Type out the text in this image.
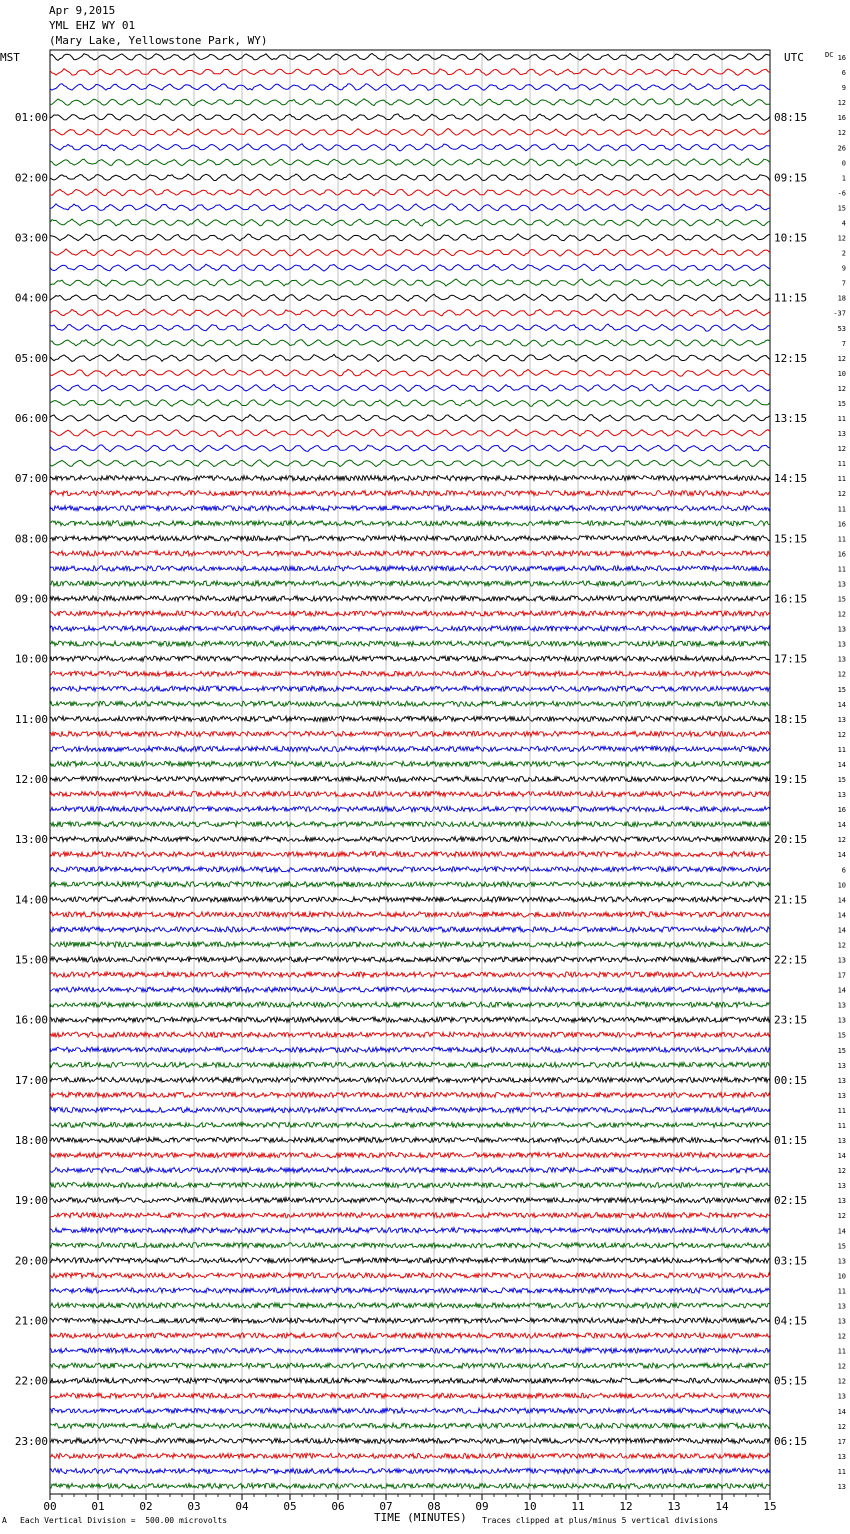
Apr 9,2015
YML EHZ WY 01
(Mary Lake, Yellowstone Park, WY)
00	01	02	03	04	05	06	07	08	09	10	11	12	13	14	15
01:00
02:00
03:00
04:00
05:00
06:00
07:00
08:00
09:00
10:00
11:00
12:00
13:00
14:00
15:00
16:00
17:00
18:00
19:00
20:00
21:00
22:00
23:00
08:15
09:15
10:15
11:15
12:15
13:15
14:15
15:15
16:15
17:15
18:15
19:15
20:15
21:15
22:15
23:15
00:15
01:15
02:15
03:15
04:15
05:15
06:15
16
6
9
12
16
12
26
0
1
-6
15
4
12
2
9
7
18
-37
53
7
12
10
12
15
11
13
12
11
11
12
11
16
11
16
11
13
15
12
13
13
13
12
15
14
13
12
11
14
15
13
16
14
12
14
6
10
14
14
14
12
13
17
14
13
13
15
15
13
13
13
11
11
13
14
12
13
13
12
14
15
13
10
11
13
13
12
11
12
12
13
14
12
17
13
11
13
MST	UTC	DC
TIME (MINUTES)
A Each Vertical Division =  500.00 microvolts	Traces clipped at plus/minus 5 vertical divisions
